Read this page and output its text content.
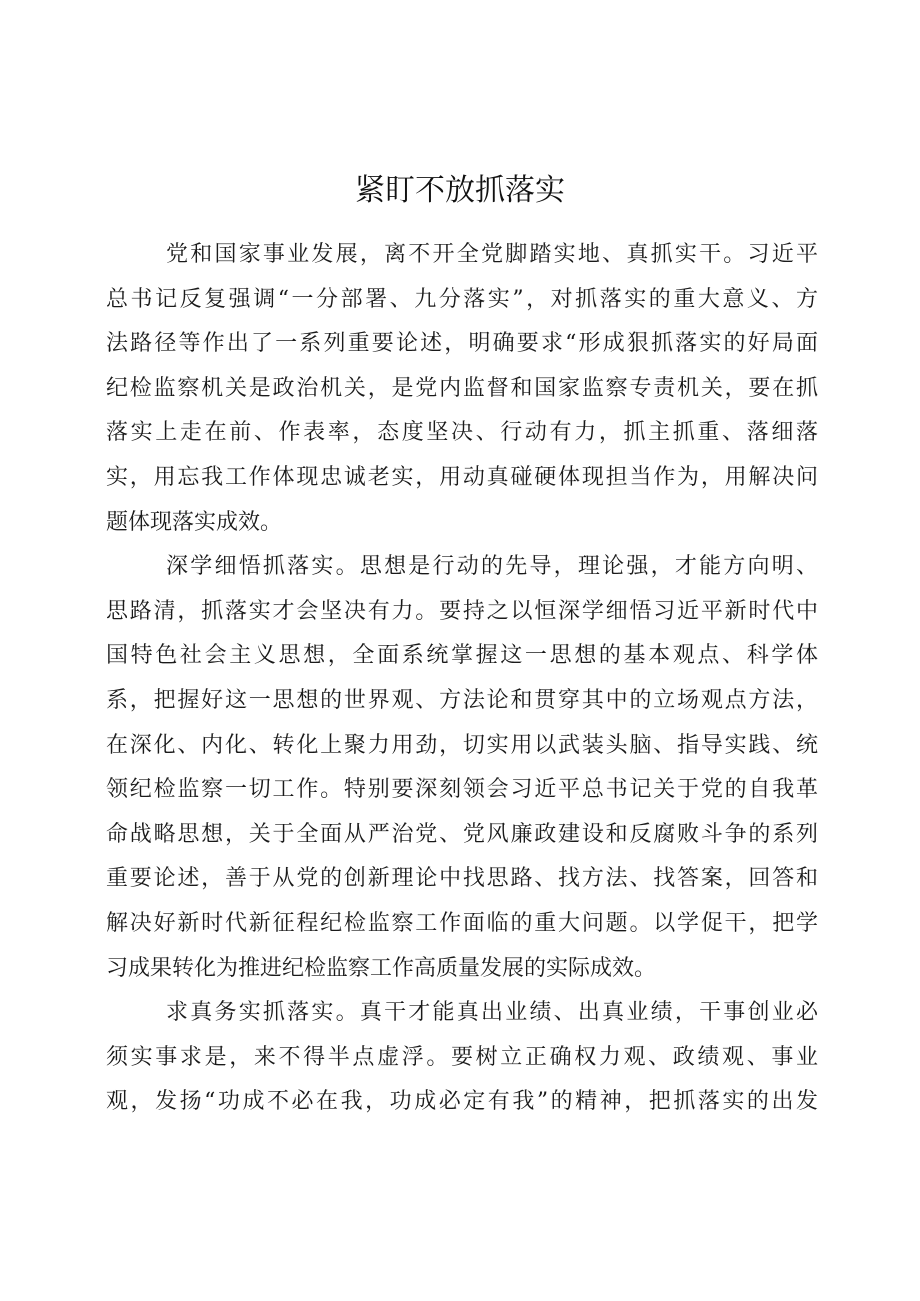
紧盯不放抓落实
党和国家事业发展，离不开全党脚踏实地、真抓实干。习近平
总书记反复强调“一分部署、九分落实”，对抓落实的重大意义、方
法路径等作出了一系列重要论述，明确要求“形成狠抓落实的好局面
纪检监察机关是政治机关，是党内监督和国家监察专责机关，要在抓
落实上走在前、作表率，态度坚决、行动有力，抓主抓重、落细落
实，用忘我工作体现忠诚老实，用动真碰硬体现担当作为，用解决问
题体现落实成效。
深学细悟抓落实。思想是行动的先导，理论强，才能方向明、
思路清，抓落实才会坚决有力。要持之以恒深学细悟习近平新时代中
国特色社会主义思想，全面系统掌握这一思想的基本观点、科学体
系，把握好这一思想的世界观、方法论和贯穿其中的立场观点方法，
在深化、内化、转化上聚力用劲，切实用以武装头脑、指导实践、统
领纪检监察一切工作。特别要深刻领会习近平总书记关于党的自我革
命战略思想，关于全面从严治党、党风廉政建设和反腐败斗争的系列
重要论述，善于从党的创新理论中找思路、找方法、找答案，回答和
解决好新时代新征程纪检监察工作面临的重大问题。以学促干，把学
习成果转化为推进纪检监察工作高质量发展的实际成效。
求真务实抓落实。真干才能真出业绩、出真业绩，干事创业必
须实事求是，来不得半点虚浮。要树立正确权力观、政绩观、事业
观，发扬“功成不必在我，功成必定有我”的精神，把抓落实的出发
